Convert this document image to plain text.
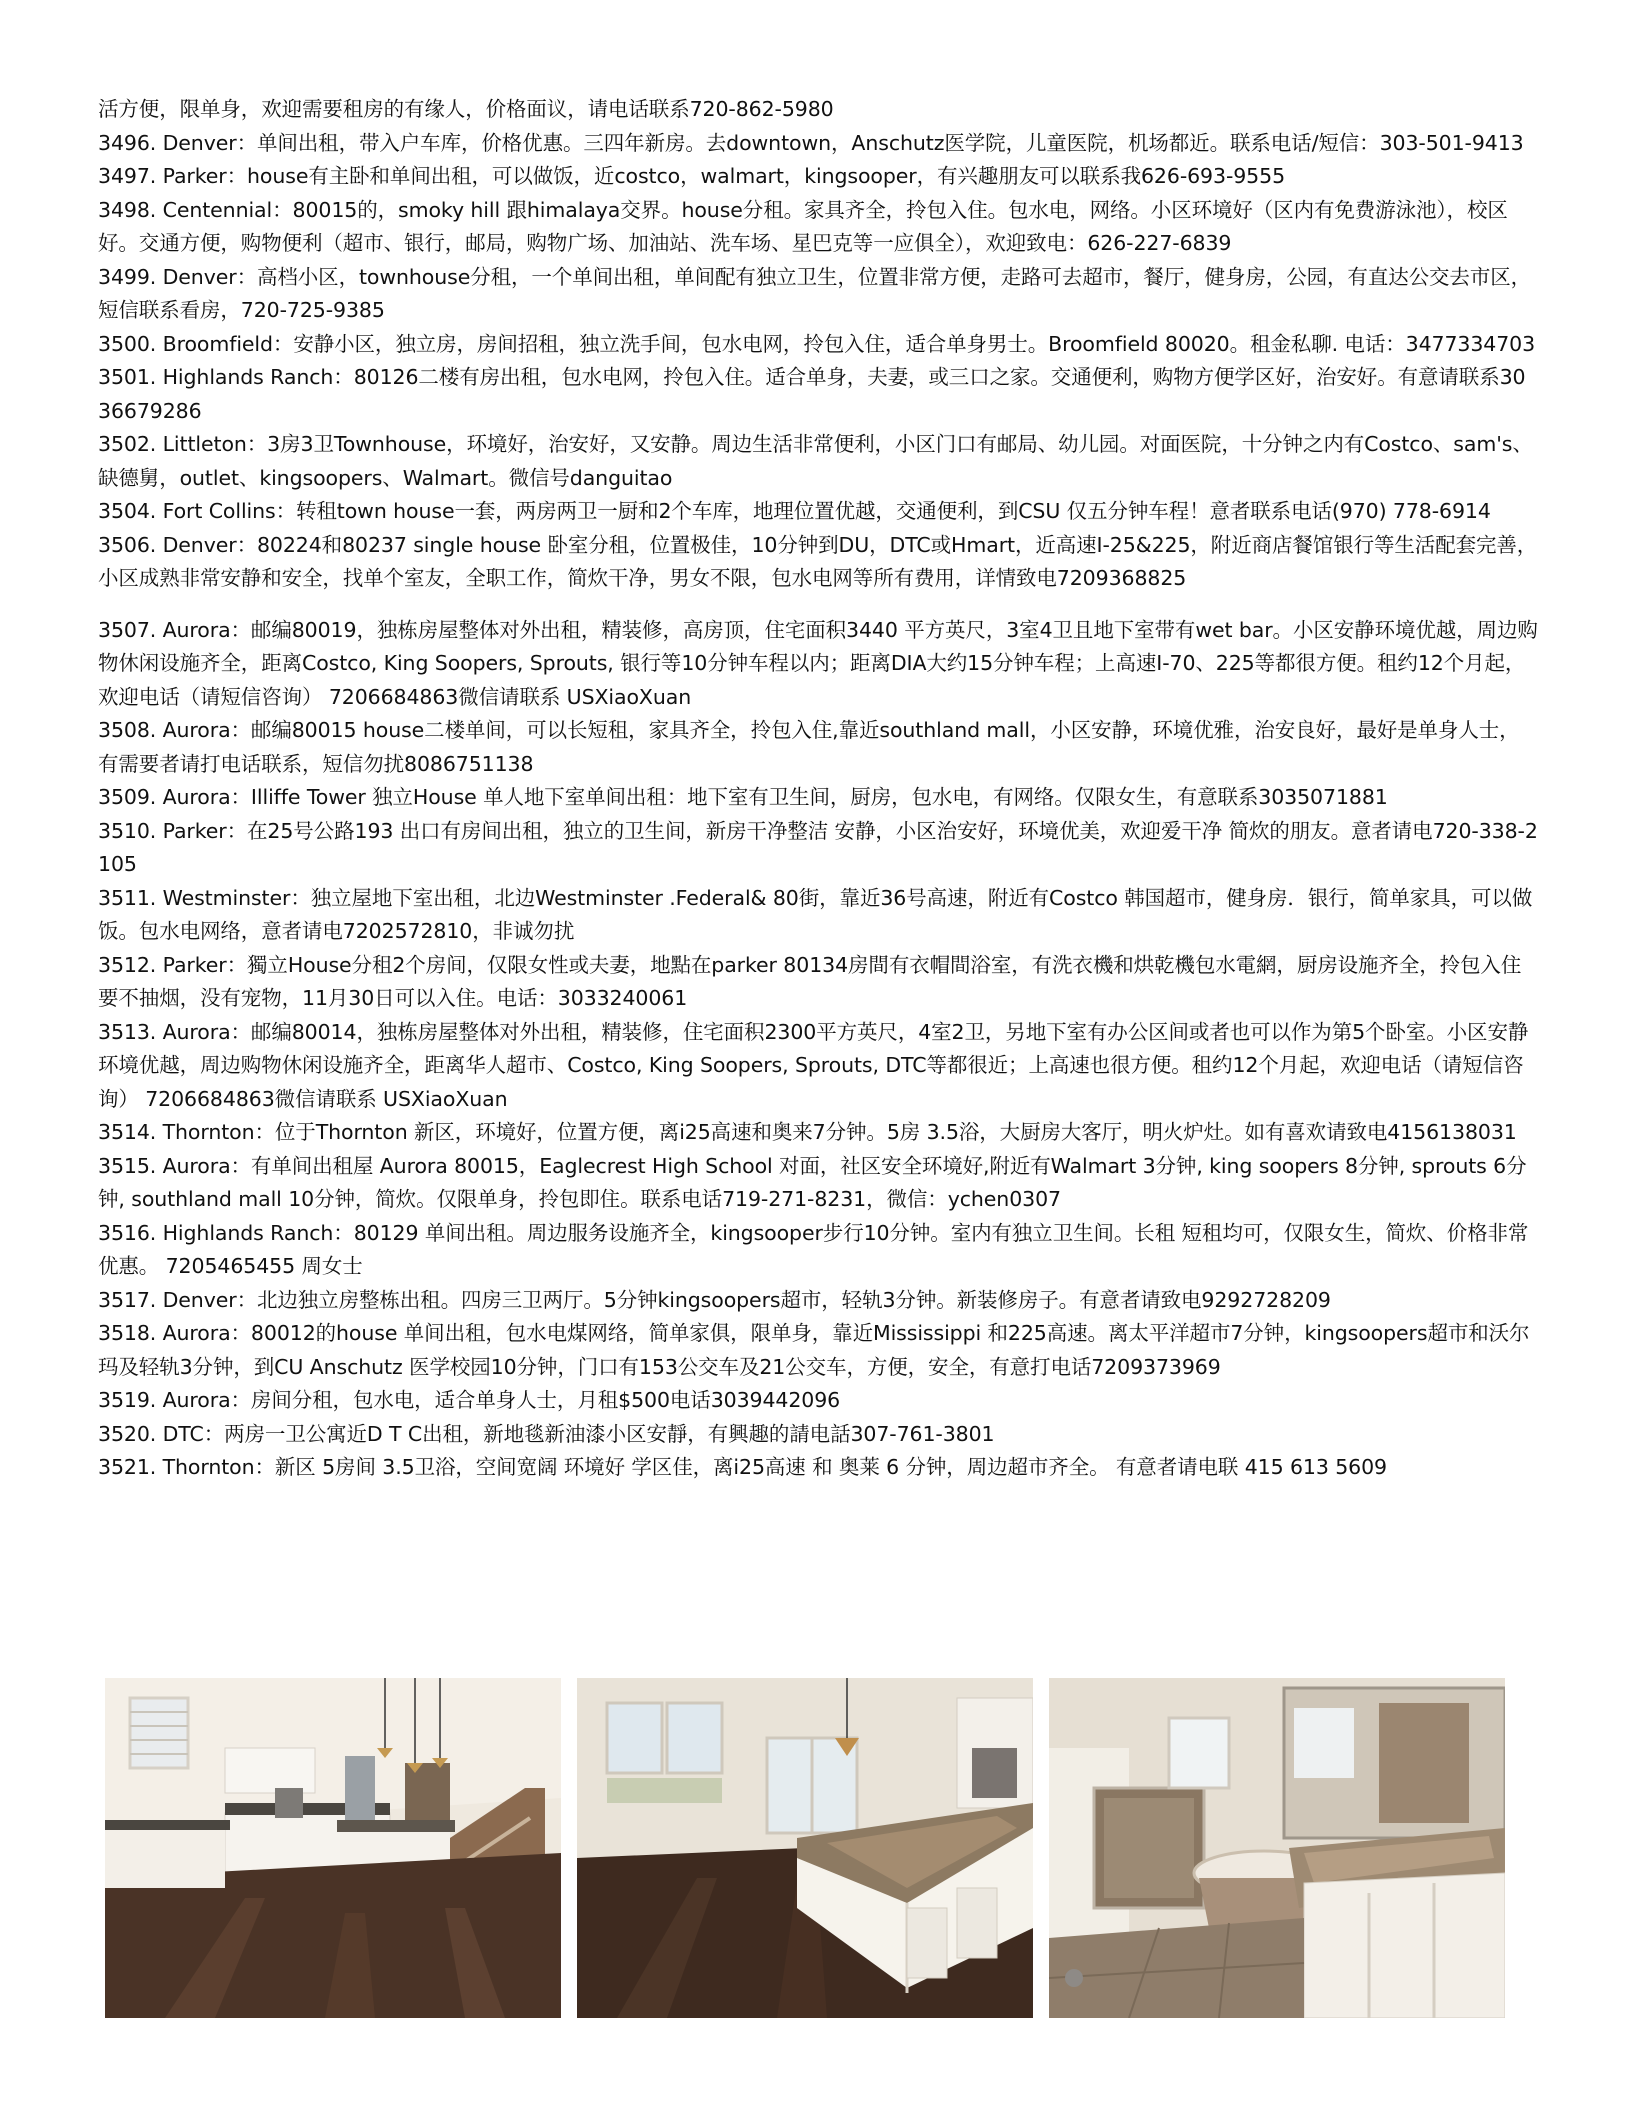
活方便，限单身，欢迎需要租房的有缘人，价格面议，请电话联系720-862-5980

3496. Denver：单间出租，带入户车库，价格优惠。三四年新房。去downtown，Anschutz医学院，儿童医院，机场都近。联系电话/短信：303-501-9413

3497. Parker：house有主卧和单间出租，可以做饭，近costco，walmart，kingsooper，有兴趣朋友可以联系我626-693-9555

3498. Centennial：80015的，smoky hill 跟himalaya交界。house分租。家具齐全，拎包入住。包水电，网络。小区环境好（区内有免费游泳池），校区好。交通方便，购物便利（超市、银行，邮局，购物广场、加油站、洗车场、星巴克等一应俱全），欢迎致电：626-227-6839

3499. Denver：高档小区，townhouse分租，一个单间出租，单间配有独立卫生，位置非常方便，走路可去超市，餐厅，健身房，公园，有直达公交去市区，短信联系看房，720-725-9385

3500. Broomfield：安静小区，独立房，房间招租，独立洗手间，包水电网，拎包入住，适合单身男士。Broomfield 80020。租金私聊. 电话：3477334703

3501. Highlands Ranch：80126二楼有房出租，包水电网，拎包入住。适合单身，夫妻，或三口之家。交通便利，购物方便学区好，治安好。有意请联系3036679286

3502. Littleton：3房3卫Townhouse，环境好，治安好，又安静。周边生活非常便利，小区门口有邮局、幼儿园。对面医院，十分钟之内有Costco、sam's、缺德舅，outlet、kingsoopers、Walmart。微信号danguitao

3504. Fort Collins：转租town house一套，两房两卫一厨和2个车库，地理位置优越，交通便利，到CSU 仅五分钟车程！意者联系电话(970) 778-6914

3506. Denver：80224和80237 single house 卧室分租，位置极佳，10分钟到DU，DTC或Hmart，近高速I-25&225，附近商店餐馆银行等生活配套完善，小区成熟非常安静和安全，找单个室友，全职工作，简炊干净，男女不限，包水电网等所有费用，详情致电7209368825

3507. Aurora：邮编80019，独栋房屋整体对外出租，精装修，高房顶，住宅面积3440 平方英尺，3室4卫且地下室带有wet bar。小区安静环境优越，周边购物休闲设施齐全，距离Costco, King Soopers, Sprouts, 银行等10分钟车程以内；距离DIA大约15分钟车程；上高速I-70、225等都很方便。租约12个月起，欢迎电话（请短信咨询） 7206684863微信请联系 USXiaoXuan

3508. Aurora：邮编80015 house二楼单间，可以长短租，家具齐全，拎包入住,靠近southland mall，小区安静，环境优雅，治安良好，最好是单身人士，有需要者请打电话联系，短信勿扰8086751138

3509. Aurora：Illiffe Tower 独立House 单人地下室单间出租：地下室有卫生间，厨房，包水电，有网络。仅限女生，有意联系3035071881

3510. Parker：在25号公路193 出口有房间出租，独立的卫生间，新房干净整洁 安静，小区治安好，环境优美，欢迎爱干净 简炊的朋友。意者请电720-338-2105

3511. Westminster：独立屋地下室出租，北边Westminster .Federal& 80街，靠近36号高速，附近有Costco 韩国超市，健身房．银行，简单家具，可以做饭。包水电网络，意者请电7202572810，非诚勿扰

3512. Parker：獨立House分租2个房间，仅限女性或夫妻，地點在parker 80134房間有衣帽間浴室，有洗衣機和烘乾機包水電網，厨房设施齐全，拎包入住要不抽烟，没有宠物，11月30日可以入住。电话：3033240061

3513. Aurora：邮编80014，独栋房屋整体对外出租，精装修，住宅面积2300平方英尺，4室2卫，另地下室有办公区间或者也可以作为第5个卧室。小区安静环境优越，周边购物休闲设施齐全，距离华人超市、Costco, King Soopers, Sprouts, DTC等都很近；上高速也很方便。租约12个月起，欢迎电话（请短信咨询） 7206684863微信请联系 USXiaoXuan

3514. Thornton：位于Thornton 新区，环境好，位置方便，离i25高速和奥来7分钟。5房 3.5浴，大厨房大客厅，明火炉灶。如有喜欢请致电4156138031

3515. Aurora：有单间出租屋 Aurora 80015，Eaglecrest High School 对面，社区安全环境好,附近有Walmart 3分钟, king soopers 8分钟, sprouts 6分钟, southland mall 10分钟，简炊。仅限单身，拎包即住。联系电话719-271-8231，微信：ychen0307

3516. Highlands Ranch：80129 单间出租。周边服务设施齐全，kingsooper步行10分钟。室内有独立卫生间。长租 短租均可，仅限女生，简炊、价格非常优惠。 7205465455 周女士

3517. Denver：北边独立房整栋出租。四房三卫两厅。5分钟kingsoopers超市，轻轨3分钟。新装修房子。有意者请致电9292728209

3518. Aurora：80012的house 单间出租，包水电煤网络，简单家俱，限单身，靠近Mississippi 和225高速。离太平洋超市7分钟，kingsoopers超市和沃尔玛及轻轨3分钟，到CU Anschutz 医学校园10分钟，门口有153公交车及21公交车，方便，安全，有意打电话7209373969

3519. Aurora：房间分租，包水电，适合单身人士，月租$500电话3039442096

3520. DTC：两房一卫公寓近D T C出租，新地毯新油漆小区安靜，有興趣的請电話307-761-3801

3521. Thornton：新区 5房间 3.5卫浴，空间宽阔 环境好 学区佳，离i25高速 和 奥莱 6 分钟，周边超市齐全。 有意者请电联 415 613 5609
